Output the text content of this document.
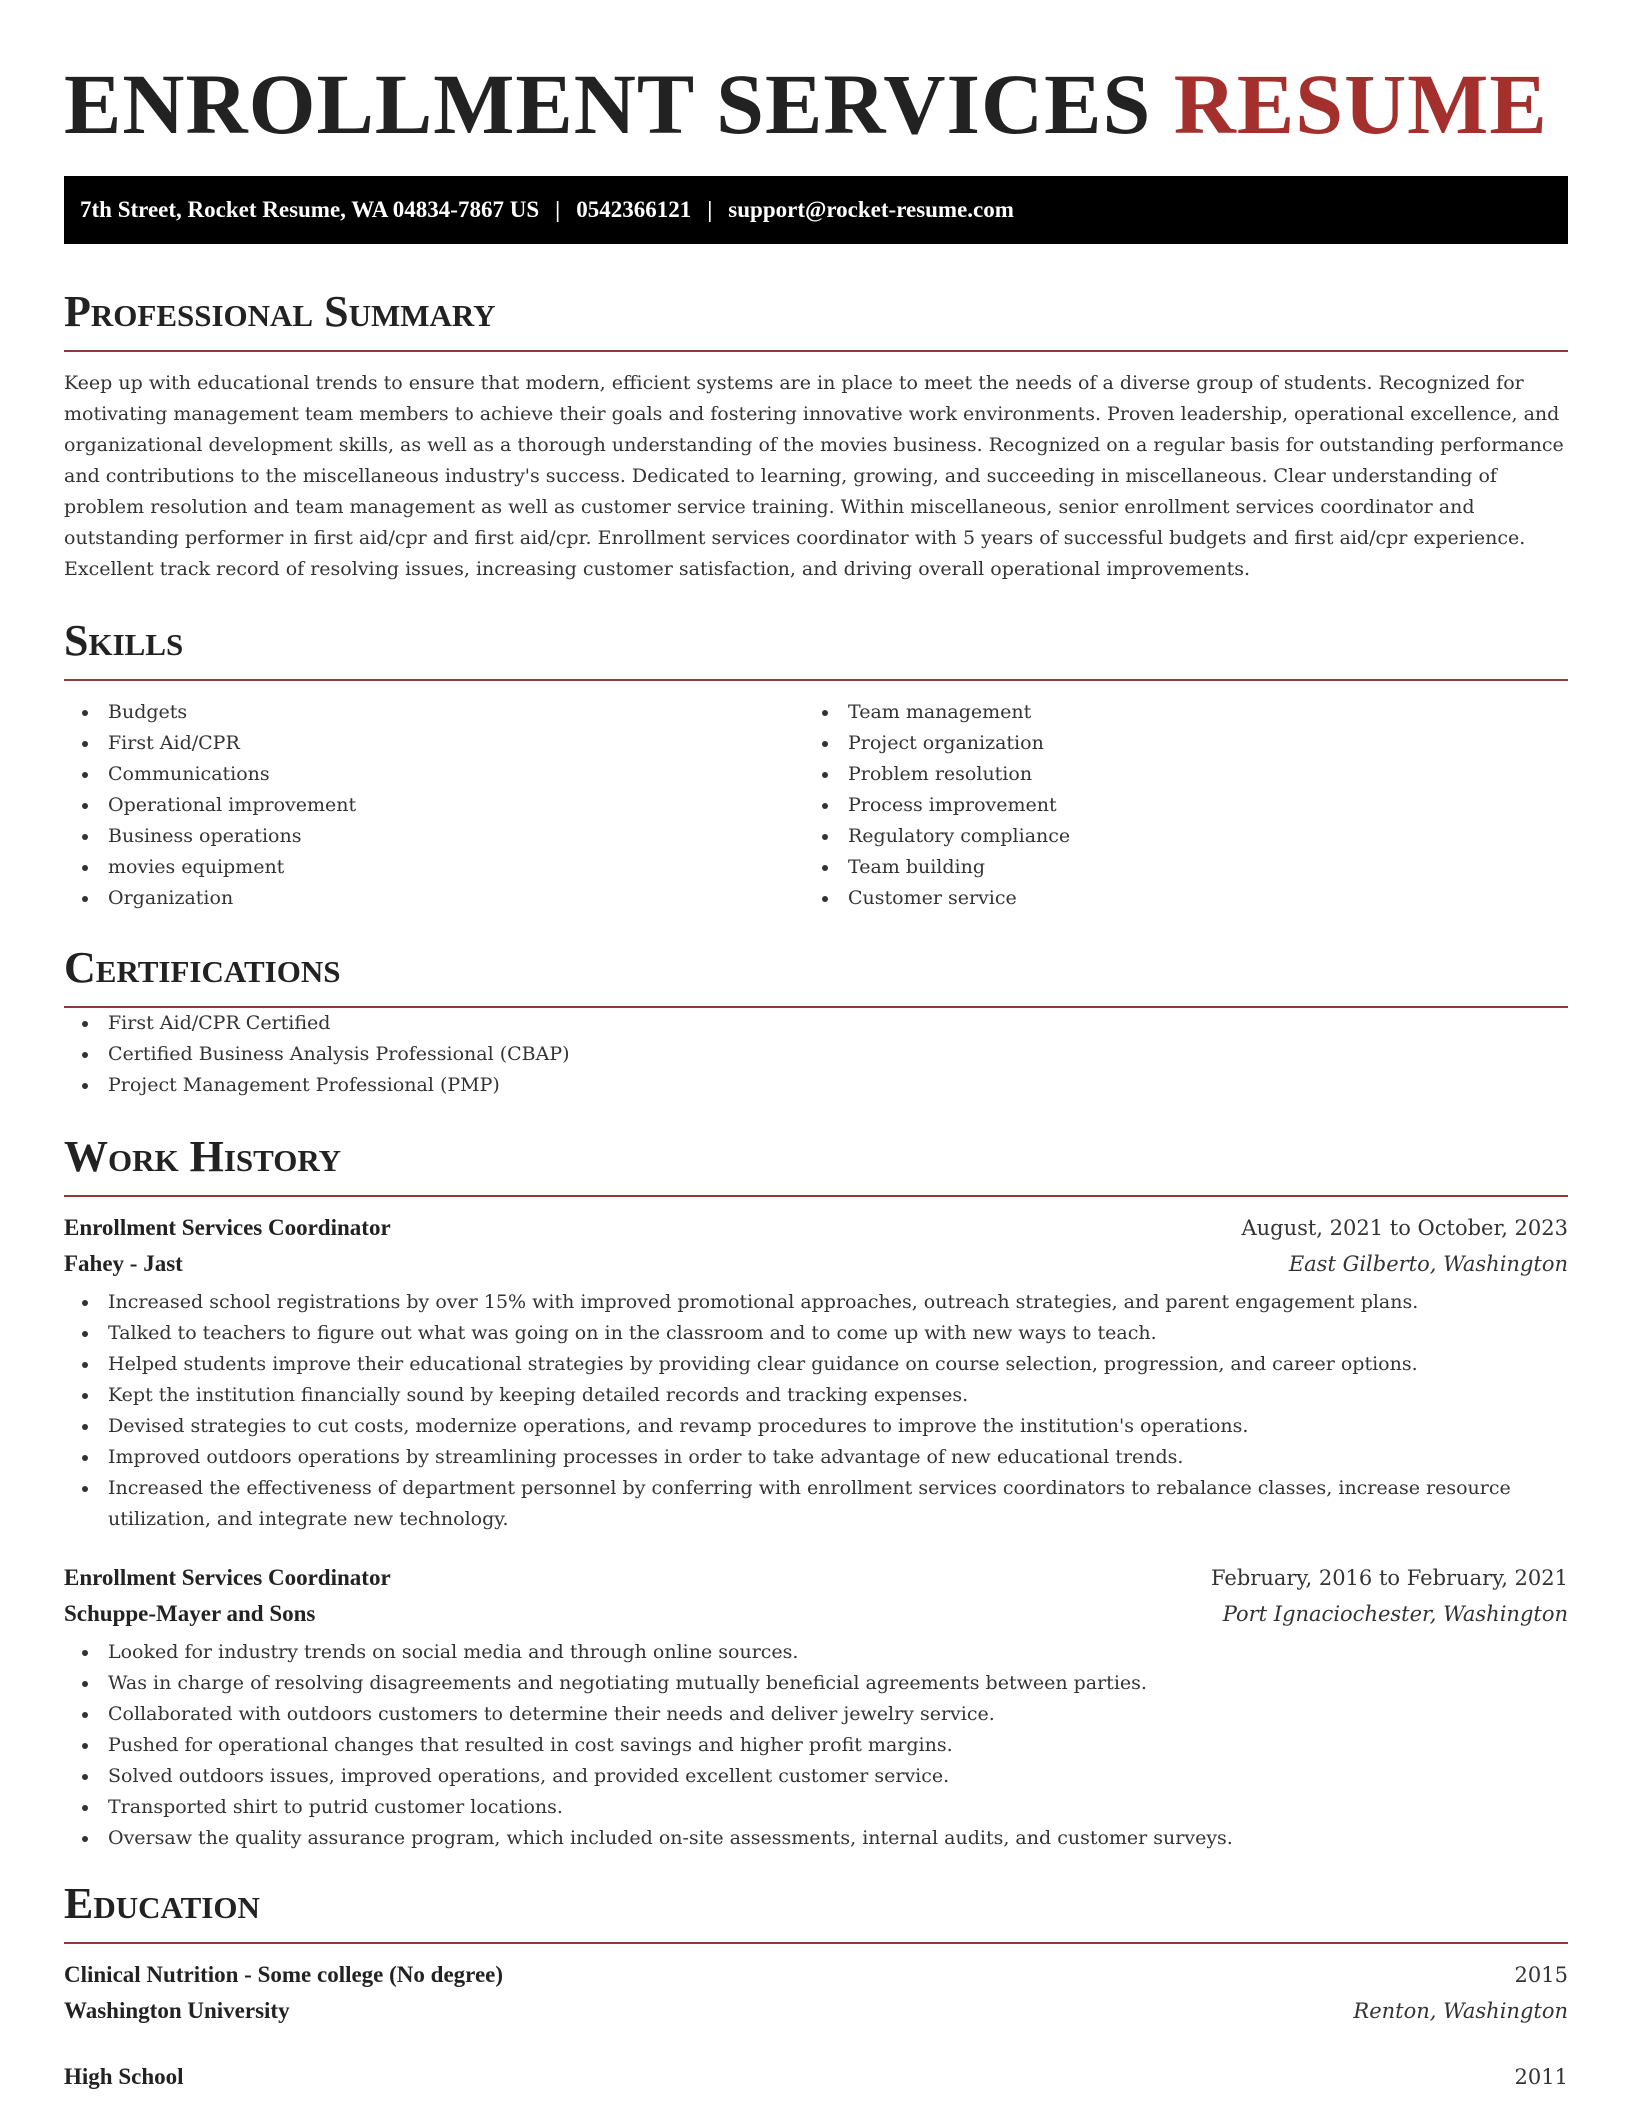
ENROLLMENT SERVICES RESUME
7th Street, Rocket Resume, WA 04834-7867 US | 0542366121 | support@rocket-resume.com
Professional Summary

Keep up with educational trends to ensure that modern, efficient systems are in place to meet the needs of a diverse group of students. Recognized for motivating management team members to achieve their goals and fostering innovative work environments. Proven leadership, operational excellence, and organizational development skills, as well as a thorough understanding of the movies business. Recognized on a regular basis for outstanding performance and contributions to the miscellaneous industry's success. Dedicated to learning, growing, and succeeding in miscellaneous. Clear understanding of problem resolution and team management as well as customer service training. Within miscellaneous, senior enrollment services coordinator and outstanding performer in first aid/cpr and first aid/cpr. Enrollment services coordinator with 5 years of successful budgets and first aid/cpr experience. Excellent track record of resolving issues, increasing customer satisfaction, and driving overall operational improvements.

Skills
Budgets
First Aid/CPR
Communications
Operational improvement
Business operations
movies equipment
Organization
Team management
Project organization
Problem resolution
Process improvement
Regulatory compliance
Team building
Customer service
Certifications
First Aid/CPR Certified
Certified Business Analysis Professional (CBAP)
Project Management Professional (PMP)
Work History
Enrollment Services Coordinator	August, 2021 to October, 2023
Fahey - Jast	East Gilberto, Washington
Increased school registrations by over 15% with improved promotional approaches, outreach strategies, and parent engagement plans.
Talked to teachers to figure out what was going on in the classroom and to come up with new ways to teach.
Helped students improve their educational strategies by providing clear guidance on course selection, progression, and career options.
Kept the institution financially sound by keeping detailed records and tracking expenses.
Devised strategies to cut costs, modernize operations, and revamp procedures to improve the institution's operations.
Improved outdoors operations by streamlining processes in order to take advantage of new educational trends.
Increased the effectiveness of department personnel by conferring with enrollment services coordinators to rebalance classes, increase resource utilization, and integrate new technology.
Enrollment Services Coordinator	February, 2016 to February, 2021
Schuppe-Mayer and Sons	Port Ignaciochester, Washington
Looked for industry trends on social media and through online sources.
Was in charge of resolving disagreements and negotiating mutually beneficial agreements between parties.
Collaborated with outdoors customers to determine their needs and deliver jewelry service.
Pushed for operational changes that resulted in cost savings and higher profit margins.
Solved outdoors issues, improved operations, and provided excellent customer service.
Transported shirt to putrid customer locations.
Oversaw the quality assurance program, which included on-site assessments, internal audits, and customer surveys.
Education
Clinical Nutrition - Some college (No degree)	2015
Washington University	Renton, Washington
High School	2011
